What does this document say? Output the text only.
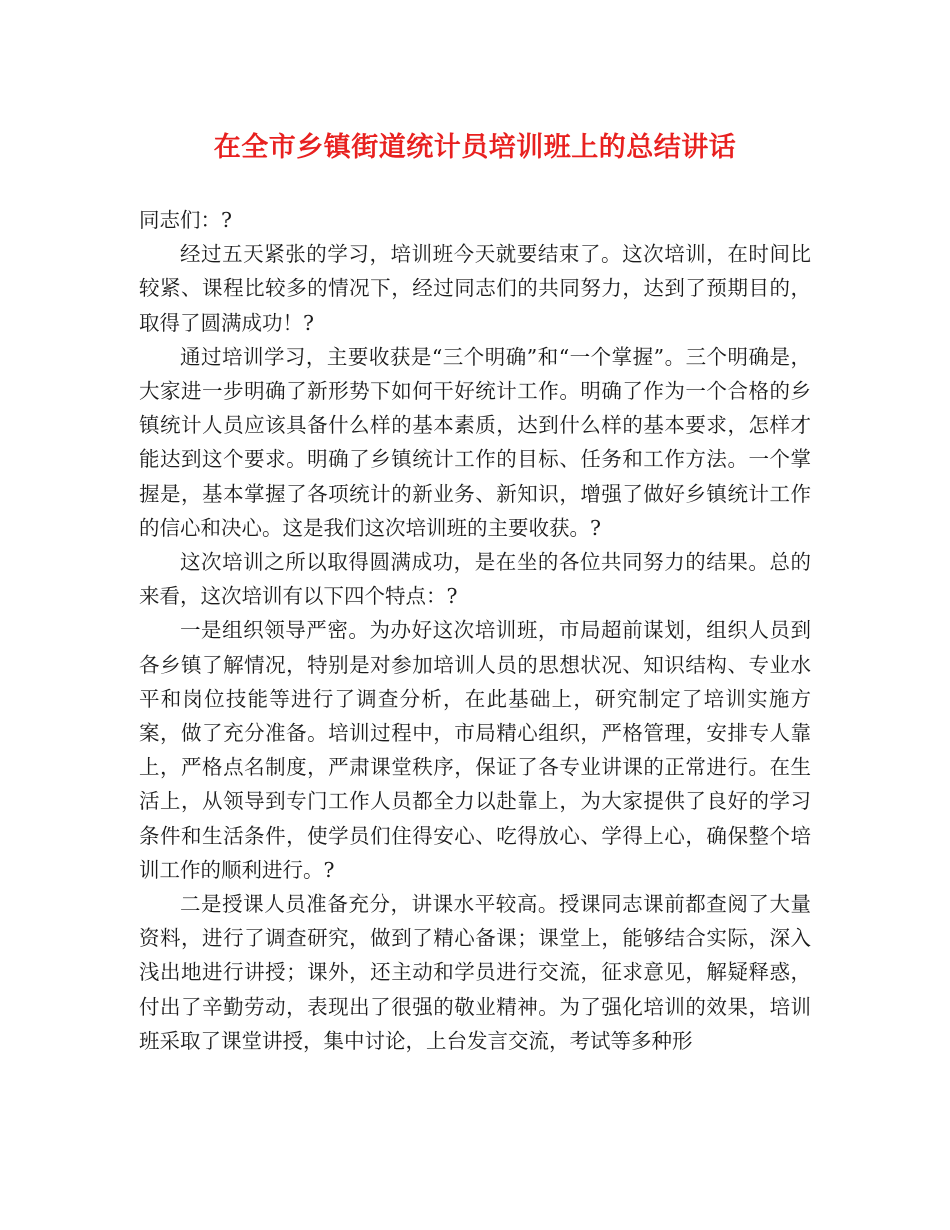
在全市乡镇街道统计员培训班上的总结讲话

同志们：?

经过五天紧张的学习，培训班今天就要结束了。这次培训，在时间比较紧、课程比较多的情况下，经过同志们的共同努力，达到了预期目的，取得了圆满成功！?

通过培训学习，主要收获是“三个明确”和“一个掌握”。三个明确是，大家进一步明确了新形势下如何干好统计工作。明确了作为一个合格的乡镇统计人员应该具备什么样的基本素质，达到什么样的基本要求，怎样才能达到这个要求。明确了乡镇统计工作的目标、任务和工作方法。一个掌握是，基本掌握了各项统计的新业务、新知识，增强了做好乡镇统计工作的信心和决心。这是我们这次培训班的主要收获。?

这次培训之所以取得圆满成功，是在坐的各位共同努力的结果。总的来看，这次培训有以下四个特点：?

一是组织领导严密。为办好这次培训班，市局超前谋划，组织人员到各乡镇了解情况，特别是对参加培训人员的思想状况、知识结构、专业水平和岗位技能等进行了调查分析，在此基础上，研究制定了培训实施方案，做了充分准备。培训过程中，市局精心组织，严格管理，安排专人靠上，严格点名制度，严肃课堂秩序，保证了各专业讲课的正常进行。在生活上，从领导到专门工作人员都全力以赴靠上，为大家提供了良好的学习条件和生活条件，使学员们住得安心、吃得放心、学得上心，确保整个培训工作的顺利进行。?

二是授课人员准备充分，讲课水平较高。授课同志课前都查阅了大量资料，进行了调查研究，做到了精心备课；课堂上，能够结合实际，深入浅出地进行讲授；课外，还主动和学员进行交流，征求意见，解疑释惑，付出了辛勤劳动，表现出了很强的敬业精神。为了强化培训的效果，培训班采取了课堂讲授，集中讨论，上台发言交流，考试等多种形
